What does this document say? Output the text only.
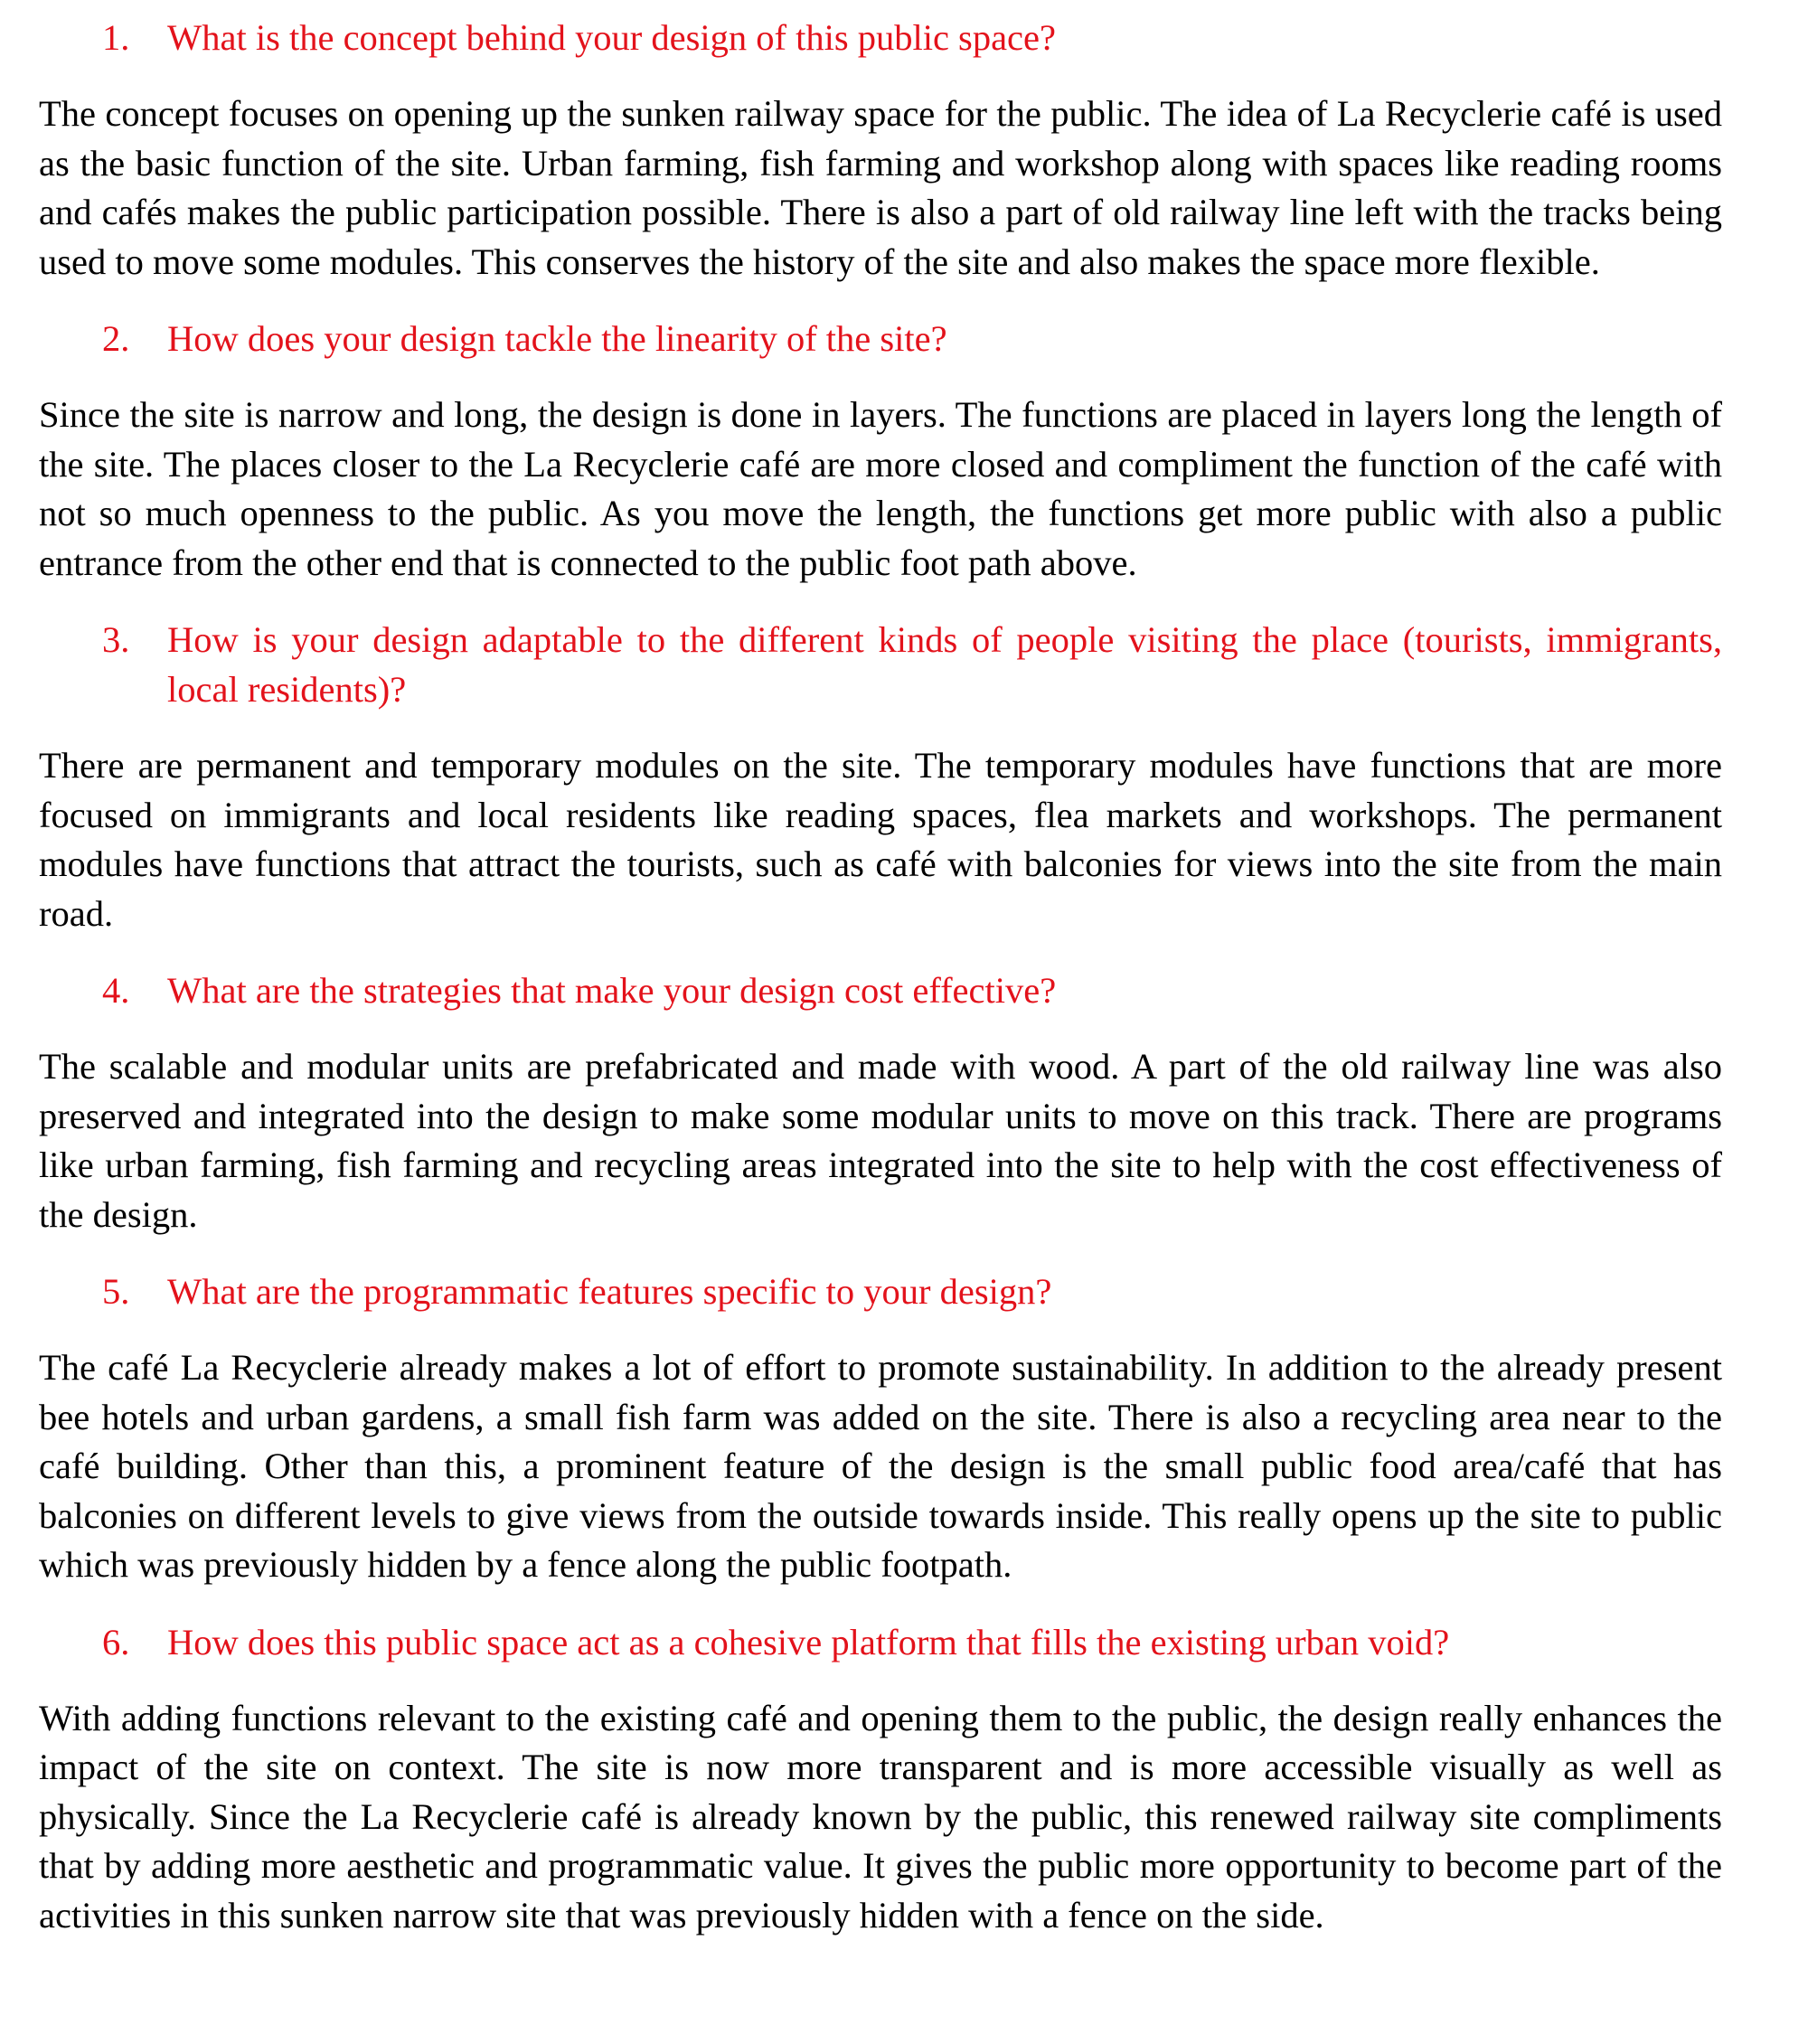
1.	What is the concept behind your design of this public space?

The concept focuses on opening up the sunken railway space for the public. The idea of La Recyclerie café is used as the basic function of the site. Urban farming, fish farming and workshop along with spaces like reading rooms and cafés makes the public participation possible. There is also a part of old railway line left with the tracks being used to move some modules. This conserves the history of the site and also makes the space more flexible.

2.	How does your design tackle the linearity of the site?

Since the site is narrow and long, the design is done in layers. The functions are placed in layers long the length of the site. The places closer to the La Recyclerie café are more closed and compliment the function of the café with not so much openness to the public. As you move the length, the functions get more public with also a public entrance from the other end that is connected to the public foot path above.

3.	How is your design adaptable to the different kinds of people visiting the place (tourists, immigrants, local residents)?

There are permanent and temporary modules on the site. The temporary modules have functions that are more focused on immigrants and local residents like reading spaces, flea markets and workshops. The permanent modules have functions that attract the tourists, such as café with balconies for views into the site from the main road.

4.	What are the strategies that make your design cost effective?

The scalable and modular units are prefabricated and made with wood. A part of the old railway line was also preserved and integrated into the design to make some modular units to move on this track. There are programs like urban farming, fish farming and recycling areas integrated into the site to help with the cost effectiveness of the design.

5.	What are the programmatic features specific to your design?

The café La Recyclerie already makes a lot of effort to promote sustainability. In addition to the already present bee hotels and urban gardens, a small fish farm was added on the site. There is also a recycling area near to the café building. Other than this, a prominent feature of the design is the small public food area/café that has balconies on different levels to give views from the outside towards inside. This really opens up the site to public which was previously hidden by a fence along the public footpath.

6.	How does this public space act as a cohesive platform that fills the existing urban void?

With adding functions relevant to the existing café and opening them to the public, the design really enhances the impact of the site on context. The site is now more transparent and is more accessible visually as well as physically. Since the La Recyclerie café is already known by the public, this renewed railway site compliments that by adding more aesthetic and programmatic value. It gives the public more opportunity to become part of the activities in this sunken narrow site that was previously hidden with a fence on the side.
